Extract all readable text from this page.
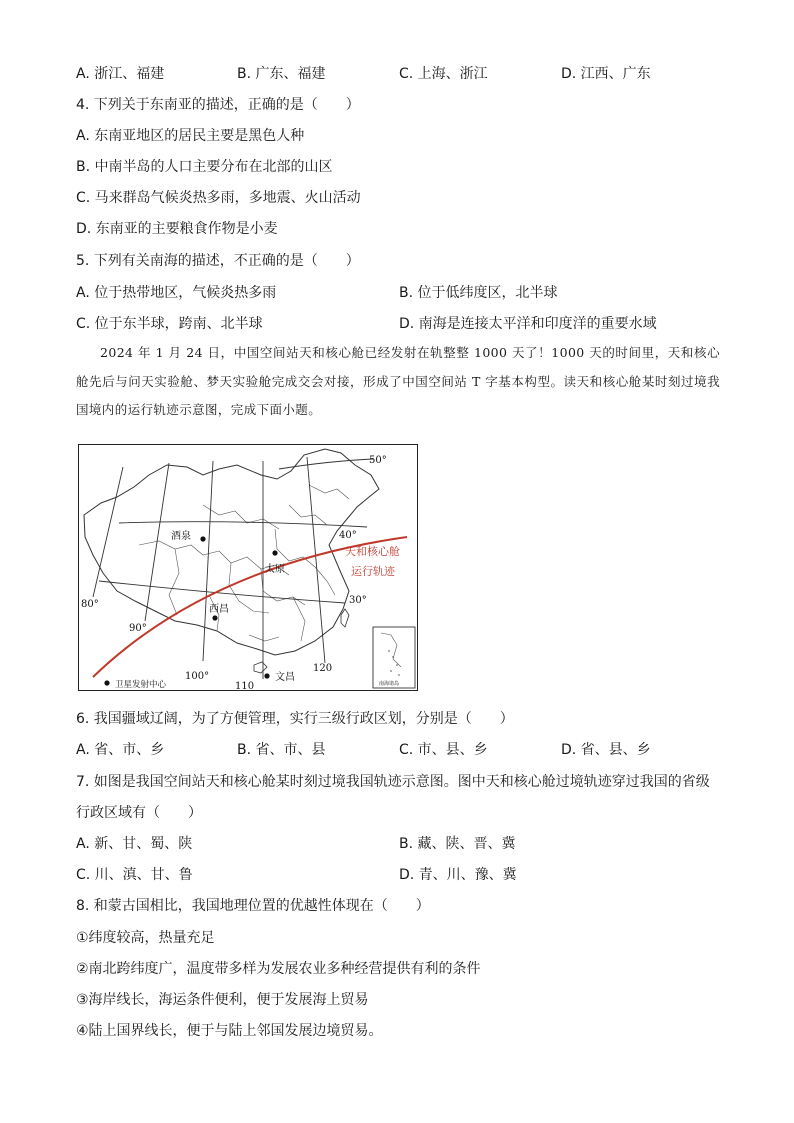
A. 浙江、福建	B. 广东、福建	C. 上海、浙江	D. 江西、广东
4. 下列关于东南亚的描述，正确的是（　　）
A. 东南亚地区的居民主要是黑色人种
B. 中南半岛的人口主要分布在北部的山区
C. 马来群岛气候炎热多雨，多地震、火山活动
D. 东南亚的主要粮食作物是小麦
5. 下列有关南海的描述，不正确的是（　　）
A. 位于热带地区，气候炎热多雨	B. 位于低纬度区，北半球
C. 位于东半球，跨南、北半球	D. 南海是连接太平洋和印度洋的重要水域
2024 年 1 月 24 日，中国空间站天和核心舱已经发射在轨整整 1000 天了！1000 天的时间里，天和核心舱先后与问天实验舱、梦天实验舱完成交会对接，形成了中国空间站 T 字基本构型。读天和核心舱某时刻过境我国境内的运行轨迹示意图，完成下面小题。
酒泉
太原
西昌
文昌
50°
40°
30°
80°
90°
100°
110
120
天和核心舱
运行轨迹
卫星发射中心	南海诸岛
6. 我国疆域辽阔，为了方便管理，实行三级行政区划，分别是（　　）
A. 省、市、乡	B. 省、市、县	C. 市、县、乡	D. 省、县、乡
7. 如图是我国空间站天和核心舱某时刻过境我国轨迹示意图。图中天和核心舱过境轨迹穿过我国的省级
行政区域有（　　）
A. 新、甘、蜀、陕	B. 藏、陕、晋、冀
C. 川、滇、甘、鲁	D. 青、川、豫、冀
8. 和蒙古国相比，我国地理位置的优越性体现在（　　）
①纬度较高，热量充足
②南北跨纬度广，温度带多样为发展农业多种经营提供有利的条件
③海岸线长，海运条件便利，便于发展海上贸易
④陆上国界线长，便于与陆上邻国发展边境贸易。
